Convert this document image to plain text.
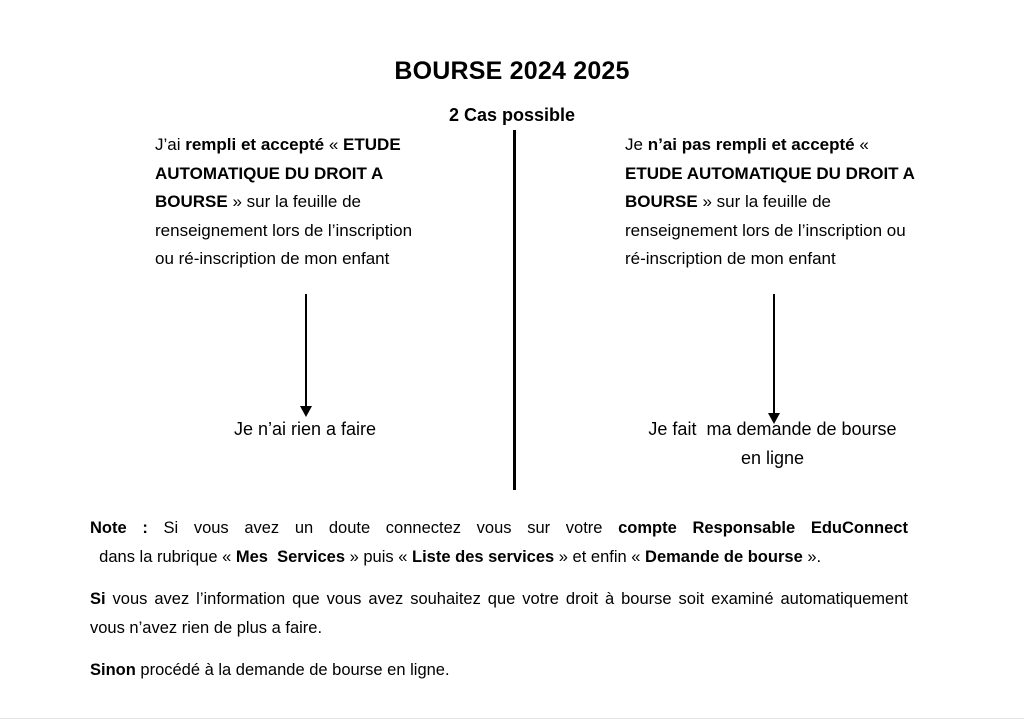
BOURSE 2024 2025
2 Cas possible
J’ai rempli et accepté « ETUDE AUTOMATIQUE DU DROIT A BOURSE » sur la feuille de renseignement lors de l’inscription ou ré-inscription de mon enfant
Je n’ai pas rempli et accepté « ETUDE AUTOMATIQUE DU DROIT A BOURSE » sur la feuille de renseignement lors de l’inscription ou ré-inscription de mon enfant
Je n’ai rien a faire	Je fait  ma demande de bourse
en ligne

Note : Si vous avez un doute connectez vous sur votre compte Responsable EduConnect  dans la rubrique « Mes  Services » puis « Liste des services » et enfin « Demande de bourse ».

Si vous avez l’information que vous avez souhaitez que votre droit à bourse soit examiné automatiquement vous n’avez rien de plus a faire.

Sinon procédé à la demande de bourse en ligne.
